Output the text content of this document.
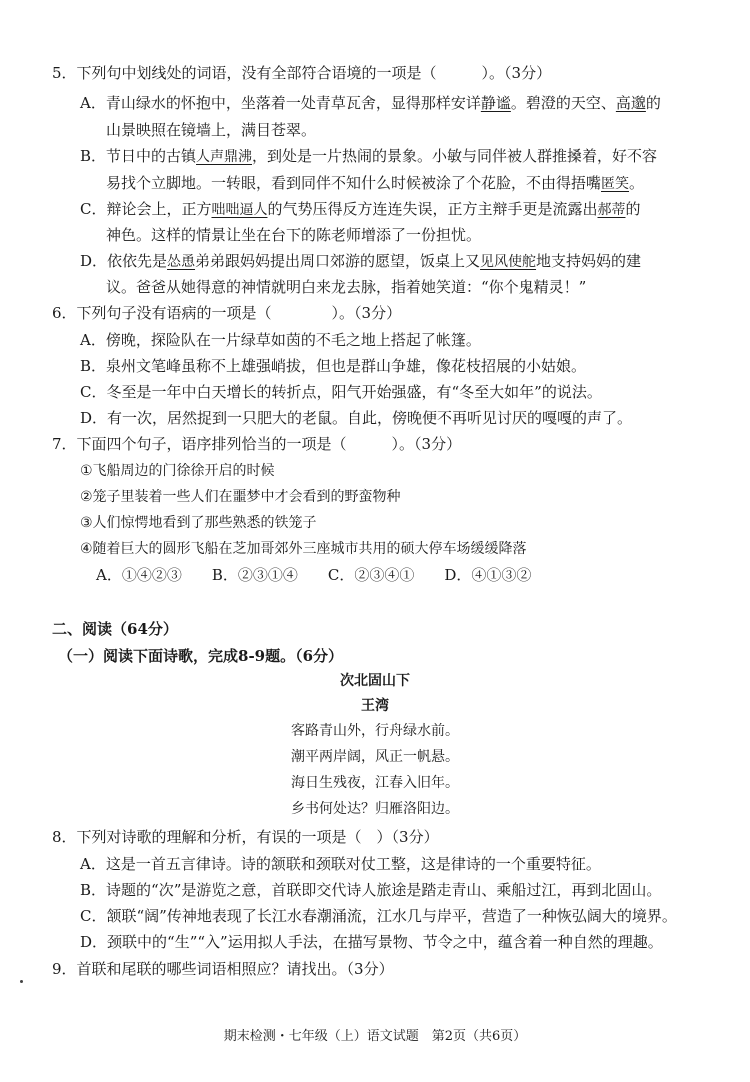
5．下列句中划线处的词语，没有全部符合语境的一项是（　　　）。（3分）
A．青山绿水的怀抱中，坐落着一处青草瓦舍，显得那样安详静谧。碧澄的天空、高邈的
山景映照在镜墙上，满目苍翠。
B．节日中的古镇人声鼎沸，到处是一片热闹的景象。小敏与同伴被人群推搡着，好不容
易找个立脚地。一转眼，看到同伴不知什么时候被涂了个花脸，不由得捂嘴匿笑。
C．辩论会上，正方咄咄逼人的气势压得反方连连失误，正方主辩手更是流露出郝蒂的
神色。这样的情景让坐在台下的陈老师增添了一份担忧。
D．依依先是怂恿弟弟跟妈妈提出周口郊游的愿望，饭桌上又见风使舵地支持妈妈的建
议。爸爸从她得意的神情就明白来龙去脉，指着她笑道：“你个鬼精灵！”
6．下列句子没有语病的一项是（　　　　）。（3分）
A．傍晚，探险队在一片绿草如茵的不毛之地上搭起了帐篷。
B．泉州文笔峰虽称不上雄强峭拔，但也是群山争雄，像花枝招展的小姑娘。
C．冬至是一年中白天增长的转折点，阳气开始强盛，有“冬至大如年”的说法。
D．有一次，居然捉到一只肥大的老鼠。自此，傍晚便不再听见讨厌的嘎嘎的声了。
7．下面四个句子，语序排列恰当的一项是（　　　）。（3分）
①飞船周边的门徐徐开启的时候
②笼子里装着一些人们在噩梦中才会看到的野蛮物种
③人们惊愕地看到了那些熟悉的铁笼子
④随着巨大的圆形飞船在芝加哥郊外三座城市共用的硕大停车场缓缓降落
A．①④②③　　B．②③①④　　C．②③④①　　D．④①③②
二、阅读（64分）
（一）阅读下面诗歌，完成8-9题。（6分）
次北固山下
王湾
客路青山外，行舟绿水前。
潮平两岸阔，风正一帆悬。
海日生残夜，江春入旧年。
乡书何处达？归雁洛阳边。
8．下列对诗歌的理解和分析，有误的一项是（　）（3分）
A．这是一首五言律诗。诗的颔联和颈联对仗工整，这是律诗的一个重要特征。
B．诗题的“次”是游览之意，首联即交代诗人旅途是踏走青山、乘船过江，再到北固山。
C．颔联“阔”传神地表现了长江水春潮涌流，江水几与岸平，营造了一种恢弘阔大的境界。
D．颈联中的“生”“入”运用拟人手法，在描写景物、节令之中，蕴含着一种自然的理趣。
9．首联和尾联的哪些词语相照应？请找出。（3分）
期末检测・七年级（上）语文试题　第2页（共6页）
